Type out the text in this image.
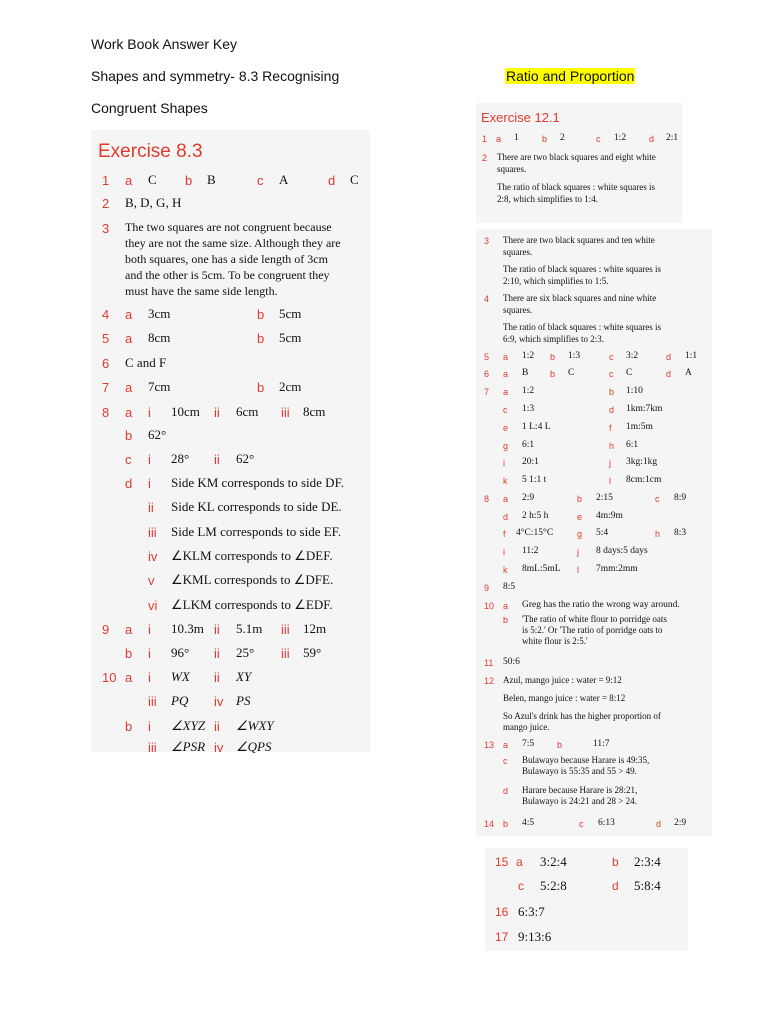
Work Book Answer Key
Shapes and symmetry- 8.3 Recognising
Congruent Shapes
Ratio and Proportion
Exercise 8.3
1 a C b B	c A	d C
2 B, D, G, H
3 The two squares are not congruent because
they are not the same size. Although they are
both squares, one has a side length of 3cm
and the other is 5cm. To be congruent they
must have the same side length.
4 a 3cm	b 5cm
5 a 8cm	b 5cm
6 C and F
7 a 7cm	b 2cm
8 a i 10cm ii 6cm iii 8cm
b 62°
c i 28° ii 62°
d i Side KM corresponds to side DF.
ii Side KL corresponds to side DE.
iii Side LM corresponds to side EF.
iv ∠KLM corresponds to ∠DEF.
v ∠KML corresponds to ∠DFE.
vi ∠LKM corresponds to ∠EDF.
9 a i 10.3m ii 5.1m iii 12m
b i 96° ii 25° iii 59°
10 a i WX ii XY
iii PQ iv PS
b i ∠XYZ ii ∠WXY
iii ∠PSR iv ∠QPS
Exercise 12.1
1 a 1	b 2	c 1:2	d 2:1
2 There are two black squares and eight white
squares.
The ratio of black squares : white squares is
2:8, which simplifies to 1:4.
3 There are two black squares and ten white
squares.
The ratio of black squares : white squares is
2:10, which simplifies to 1:5.
4 There are six black squares and nine white
squares.
The ratio of black squares : white squares is
6:9, which simplifies to 2:3.
5 a 1:2 b 1:3	c 3:2	d 1:1
6 a B b C	c C	d A
7 a 1:2	b 1:10
c 1:3	d 1km:7km
e 1 L:4 L	f 1m:5m
g 6:1	h 6:1
i 20:1	j 3kg:1kg
k 5 1:1 t	l 8cm:1cm
8 a 2:9	b 2:15	c 8:9
d 2 h:5 h	e 4m:9m
f 4°C:15°C	g 5:4	h 8:3
i 11:2	j 8 days:5 days
k 8mL:5mL l 7mm:2mm
9 8:5
10 a Greg has the ratio the wrong way around.
b 'The ratio of white flour to porridge oats
is 5:2.' Or 'The ratio of porridge oats to
white flour is 2:5.'
11 50:6
12 Azul, mango juice : water = 9:12
Belen, mango juice : water = 8:12
So Azul's drink has the higher proportion of
mango juice.
13 a 7:5	b	11:7
c Bulawayo because Harare is 49:35,
Bulawayo is 55:35 and 55 > 49.
d Harare because Harare is 28:21,
Bulawayo is 24:21 and 28 > 24.
14 b 4:5	c 6:13	d 2:9
15 a 3:2:4	b 2:3:4
c 5:2:8	d 5:8:4
16 6:3:7
17 9:13:6
